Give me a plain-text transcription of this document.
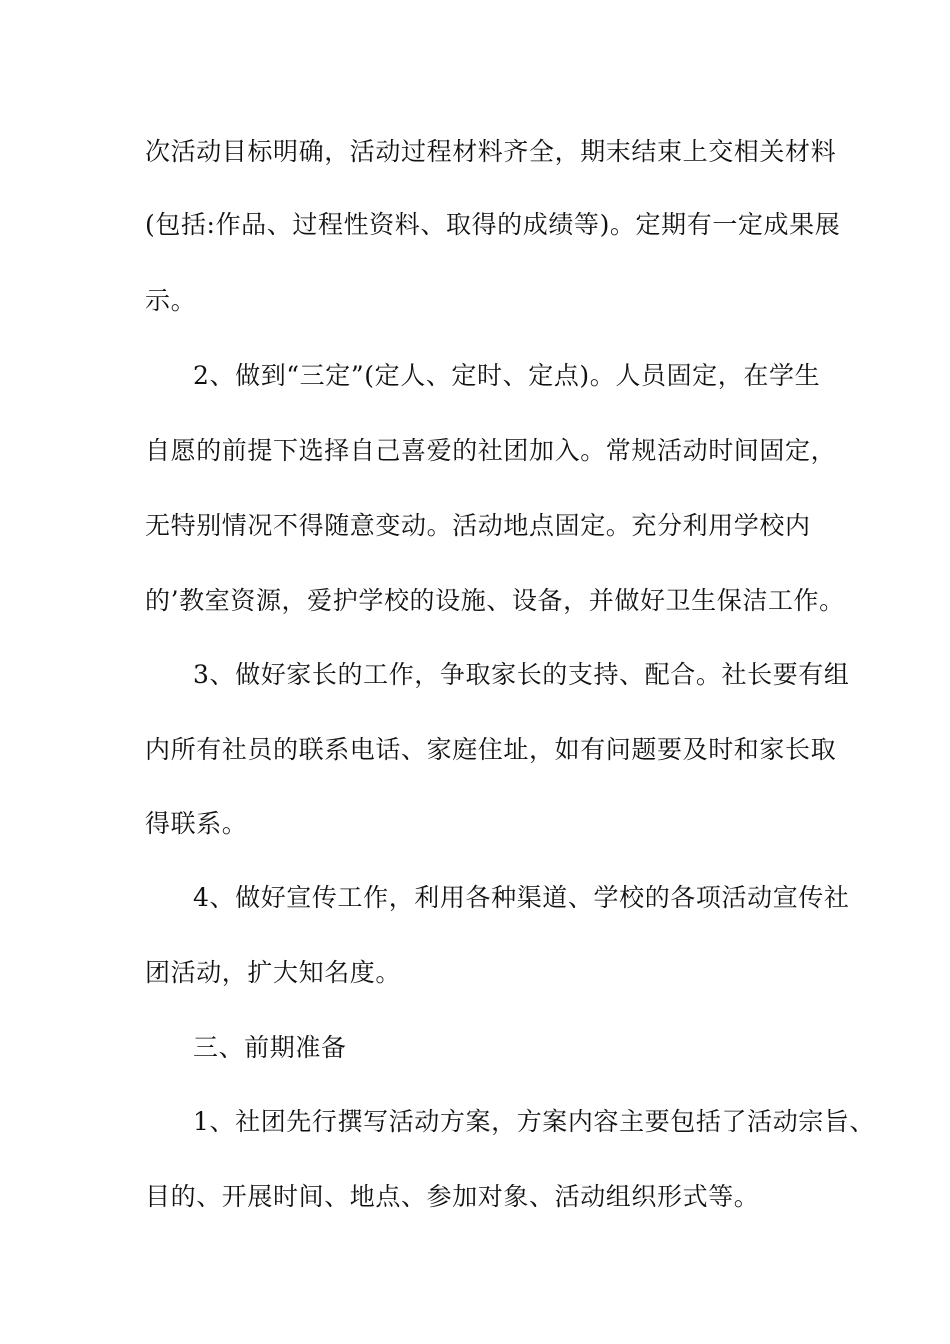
次活动目标明确，活动过程材料齐全，期末结束上交相关材料

(包括:作品、过程性资料、取得的成绩等)。定期有一定成果展

示。

2、做到“三定”(定人、定时、定点)。人员固定，在学生

自愿的前提下选择自己喜爱的社团加入。常规活动时间固定，

无特别情况不得随意变动。活动地点固定。充分利用学校内

的’教室资源，爱护学校的设施、设备，并做好卫生保洁工作。

3、做好家长的工作，争取家长的支持、配合。社长要有组

内所有社员的联系电话、家庭住址，如有问题要及时和家长取

得联系。

4、做好宣传工作，利用各种渠道、学校的各项活动宣传社

团活动，扩大知名度。

三、前期准备

1、社团先行撰写活动方案，方案内容主要包括了活动宗旨、

目的、开展时间、地点、参加对象、活动组织形式等。
